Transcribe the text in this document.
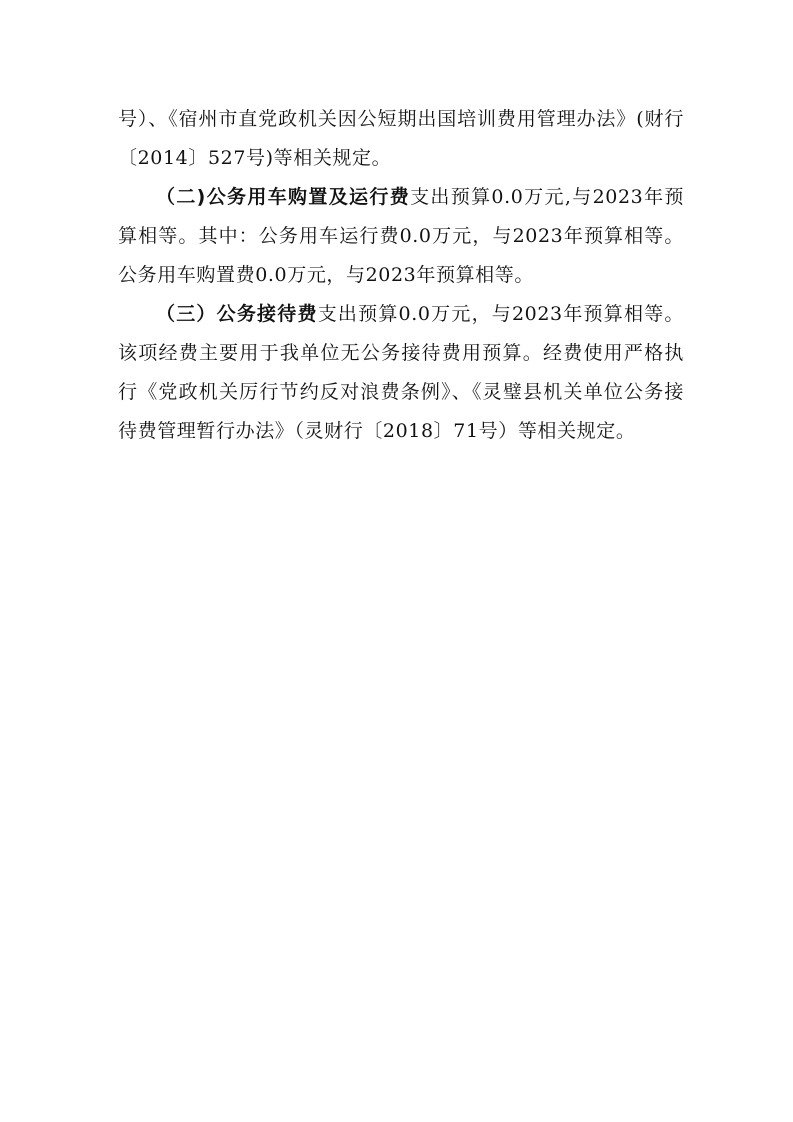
号）、《宿州市直党政机关因公短期出国培训费用管理办法》(财行〔2014〕527号)等相关规定。

（二)公务用车购置及运行费支出预算0.0万元,与2023年预算相等。其中：公务用车运行费0.0万元，与2023年预算相等。公务用车购置费0.0万元，与2023年预算相等。

（三）公务接待费支出预算0.0万元，与2023年预算相等。该项经费主要用于我单位无公务接待费用预算。经费使用严格执行《党政机关厉行节约反对浪费条例》、《灵璧县机关单位公务接待费管理暂行办法》（灵财行〔2018〕71号）等相关规定。
